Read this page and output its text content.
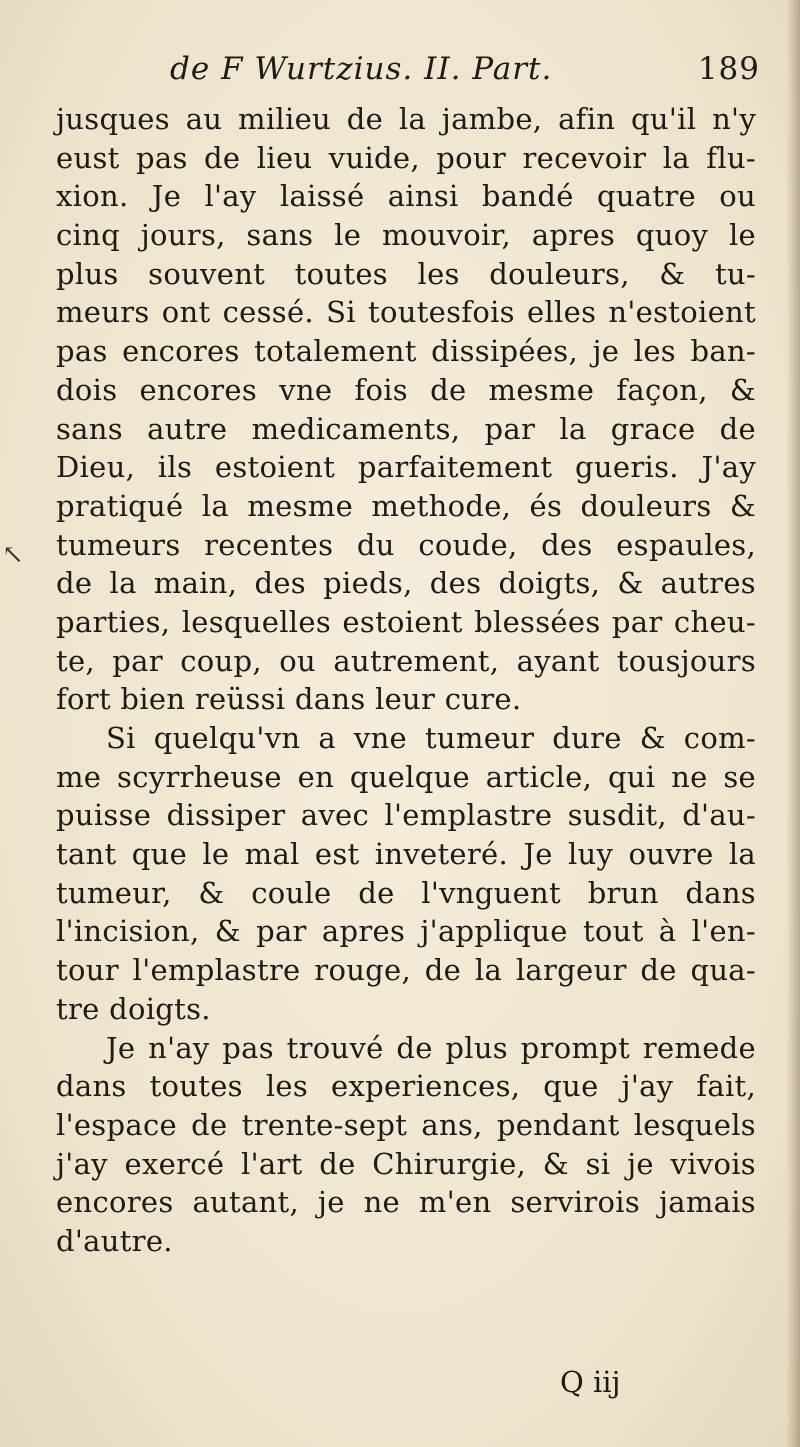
de F Wurtzius. II. Part.	189
↖
jusques au milieu de la jambe, afin qu'il n'y
eust pas de lieu vuide, pour recevoir la flu-
xion. Je l'ay laissé ainsi bandé quatre ou
cinq jours, sans le mouvoir, apres quoy le
plus souvent toutes les douleurs, & tu-
meurs ont cessé. Si toutesfois elles n'estoient
pas encores totalement dissipées, je les ban-
dois encores vne fois de mesme façon, &
sans autre medicaments, par la grace de
Dieu, ils estoient parfaitement gueris. J'ay
pratiqué la mesme methode, és douleurs &
tumeurs recentes du coude, des espaules,
de la main, des pieds, des doigts, & autres
parties, lesquelles estoient blessées par cheu-
te, par coup, ou autrement, ayant tousjours
fort bien reüssi dans leur cure.
Si quelqu'vn a vne tumeur dure & com-
me scyrrheuse en quelque article, qui ne se
puisse dissiper avec l'emplastre susdit, d'au-
tant que le mal est inveteré. Je luy ouvre la
tumeur, & coule de l'vnguent brun dans
l'incision, & par apres j'applique tout à l'en-
tour l'emplastre rouge, de la largeur de qua-
tre doigts.
Je n'ay pas trouvé de plus prompt remede
dans toutes les experiences, que j'ay fait,
l'espace de trente-sept ans, pendant lesquels
j'ay exercé l'art de Chirurgie, & si je vivois
encores autant, je ne m'en servirois jamais
d'autre.
Q iij
